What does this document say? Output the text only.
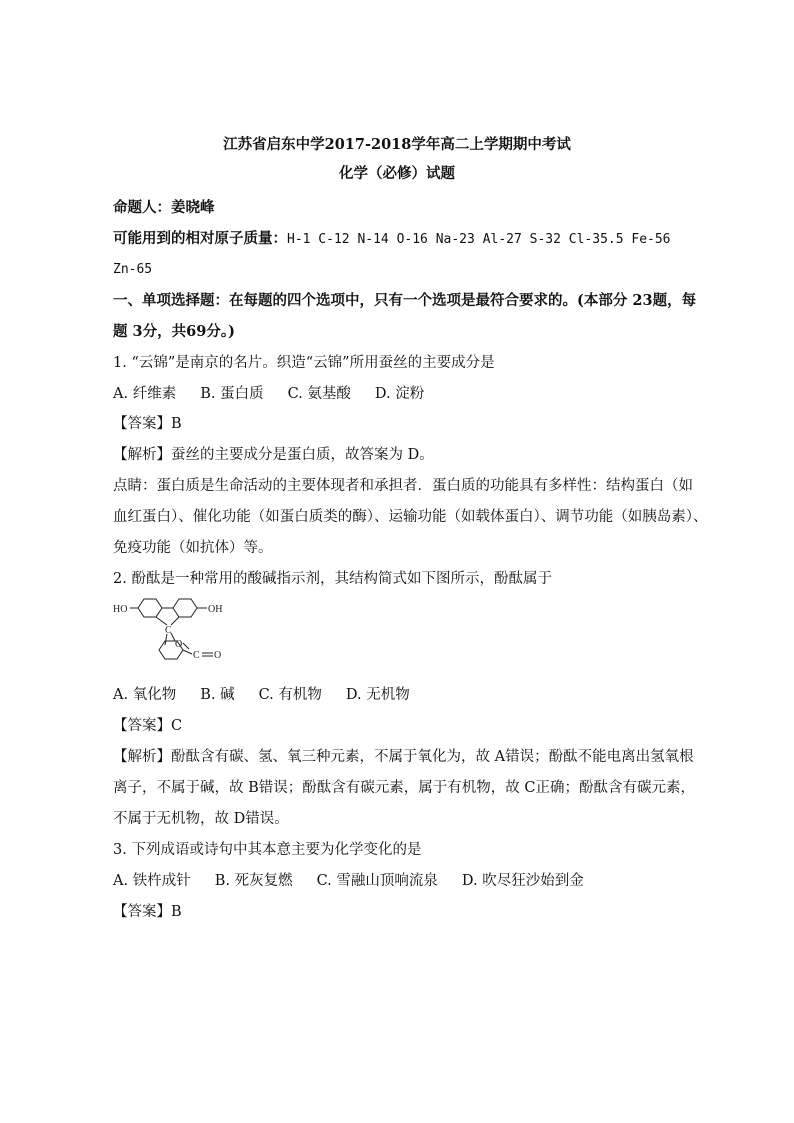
江苏省启东中学2017-2018学年高二上学期期中考试
化学（必修）试题
命题人：姜晓峰
可能用到的相对原子质量：H-1 C-12 N-14 O-16 Na-23 Al-27 S-32 Cl-35.5 Fe-56
Zn-65
一、单项选择题：在每题的四个选项中，只有一个选项是最符合要求的。(本部分 23题，每
题 3分，共69分。)
1. “云锦”是南京的名片。织造“云锦”所用蚕丝的主要成分是
A. 纤维素 B. 蛋白质 C. 氨基酸 D. 淀粉
【答案】B
【解析】蚕丝的主要成分是蛋白质，故答案为 D。
点睛：蛋白质是生命活动的主要体现者和承担者．蛋白质的功能具有多样性：结构蛋白（如
血红蛋白）、催化功能（如蛋白质类的酶）、运输功能（如载体蛋白）、调节功能（如胰岛素）、
免疫功能（如抗体）等。
2. 酚酞是一种常用的酸碱指示剂，其结构简式如下图所示，酚酞属于
HO	OH
C
O
C O
A. 氧化物 B. 碱 C. 有机物 D. 无机物
【答案】C
【解析】酚酞含有碳、氢、氧三种元素，不属于氧化为，故 A错误；酚酞不能电离出氢氧根
离子，不属于碱，故 B错误；酚酞含有碳元素，属于有机物，故 C正确；酚酞含有碳元素，
不属于无机物，故 D错误。
3. 下列成语或诗句中其本意主要为化学变化的是
A. 铁杵成针 B. 死灰复燃 C. 雪融山顶响流泉 D. 吹尽狂沙始到金
【答案】B
